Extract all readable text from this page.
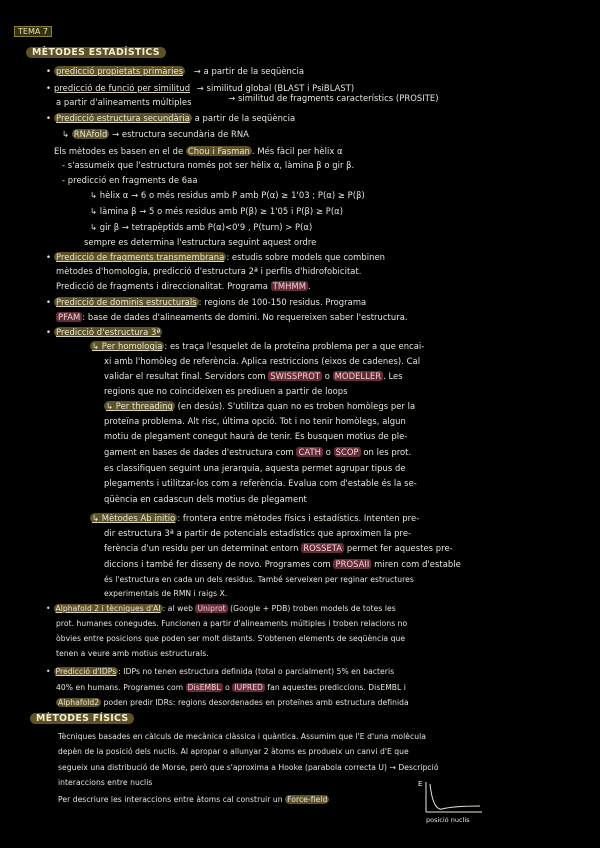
TEMA 7
MÈTODES ESTADÍSTICS
• predicció propietats primàries → a partir de la seqüència
• predicció de funció per similitud → similitud global (BLAST i PsiBLAST)
a partir d'alineaments múltiples	→ similitud de fragments característics (PROSITE)
• Predicció estructura secundària a partir de la seqüència
↳ RNAfold → estructura secundària de RNA
Els mètodes es basen en el de Chou i Fasman . Més fàcil per hèlix α
- s'assumeix que l'estructura només pot ser hèlix α, làmina β o gir β.
- predicció en fragments de 6aa
↳ hèlix α → 6 o més residus amb P amb P(α) ≥ 1'03 ; P(α) ≥ P(β)
↳ làmina β → 5 o més residus amb P(β) ≥ 1'05 i P(β) ≥ P(α)
↳ gir β → tetrapèptids amb P(α)<0'9 , P(turn) > P(α)
sempre es determina l'estructura seguint aquest ordre
• Predicció de fragments transmembrana : estudis sobre models que combinen
mètodes d'homologia, predicció d'estructura 2ª i perfils d'hidrofobicitat.
Predicció de fragments i direccionalitat. Programa TMHMM .
• Predicció de dominis estructurals : regions de 100-150 residus. Programa
PFAM : base de dades d'alineaments de domini. No requereixen saber l'estructura.
• Predicció d'estructura 3ª
↳ Per homologia : es traça l'esquelet de la proteïna problema per a que encai-
xi amb l'homòleg de referència. Aplica restriccions (eixos de cadenes). Cal
validar el resultat final. Servidors com SWISSPROT o MODELLER . Les
regions que no coincideixen es prediuen a partir de loops
↳ Per threading (en desús). S'utilitza quan no es troben homòlegs per la
proteïna problema. Alt risc, última opció. Tot i no tenir homòlegs, algun
motiu de plegament conegut haurà de tenir. Es busquen motius de ple-
gament en bases de dades d'estructura com CATH o SCOP on les prot.
es classifiquen seguint una jerarquia, aquesta permet agrupar tipus de
plegaments i utilitzar-los com a referència. Evalua com d'estable és la se-
qüència en cadascun dels motius de plegament
↳ Mètodes Ab initio : frontera entre mètodes físics i estadístics. Intenten pre-
dir estructura 3ª a partir de potencials estadístics que aproximen la pre-
ferència d'un residu per un determinat entorn ROSSETA permet fer aquestes pre-
diccions i també fer disseny de novo. Programes com PROSAII miren com d'estable
és l'estructura en cada un dels residus. També serveixen per reginar estructures
experimentals de RMN i raigs X.
• Alphafold 2 i tècniques d'AI : al web Uniprot (Google + PDB) troben models de totes les
prot. humanes conegudes. Funcionen a partir d'alineaments múltiples i troben relacions no
òbvies entre posicions que poden ser molt distants. S'obtenen elements de seqüència que
tenen a veure amb motius estructurals.
• Predicció d'IDPs : IDPs no tenen estructura definida (total o parcialment) 5% en bacteris
40% en humans. Programes com DisEMBL o IUPRED fan aquestes prediccions. DisEMBL i
Alphafold2 poden predir IDRs: regions desordenades en proteïnes amb estructura definida
MÈTODES FÍSICS
Tècniques basades en càlculs de mecànica clàssica i quàntica. Assumim que l'E d'una molècula
depèn de la posició dels nuclis. Al apropar o allunyar 2 àtoms es produeix un canvi d'E que
segueix una distribució de Morse, però que s'aproxima a Hooke (parabola correcta U) → Descripció
interaccions entre nuclis
Per descriure les interaccions entre àtoms cal construir un Force-field
E
posició nuclis
